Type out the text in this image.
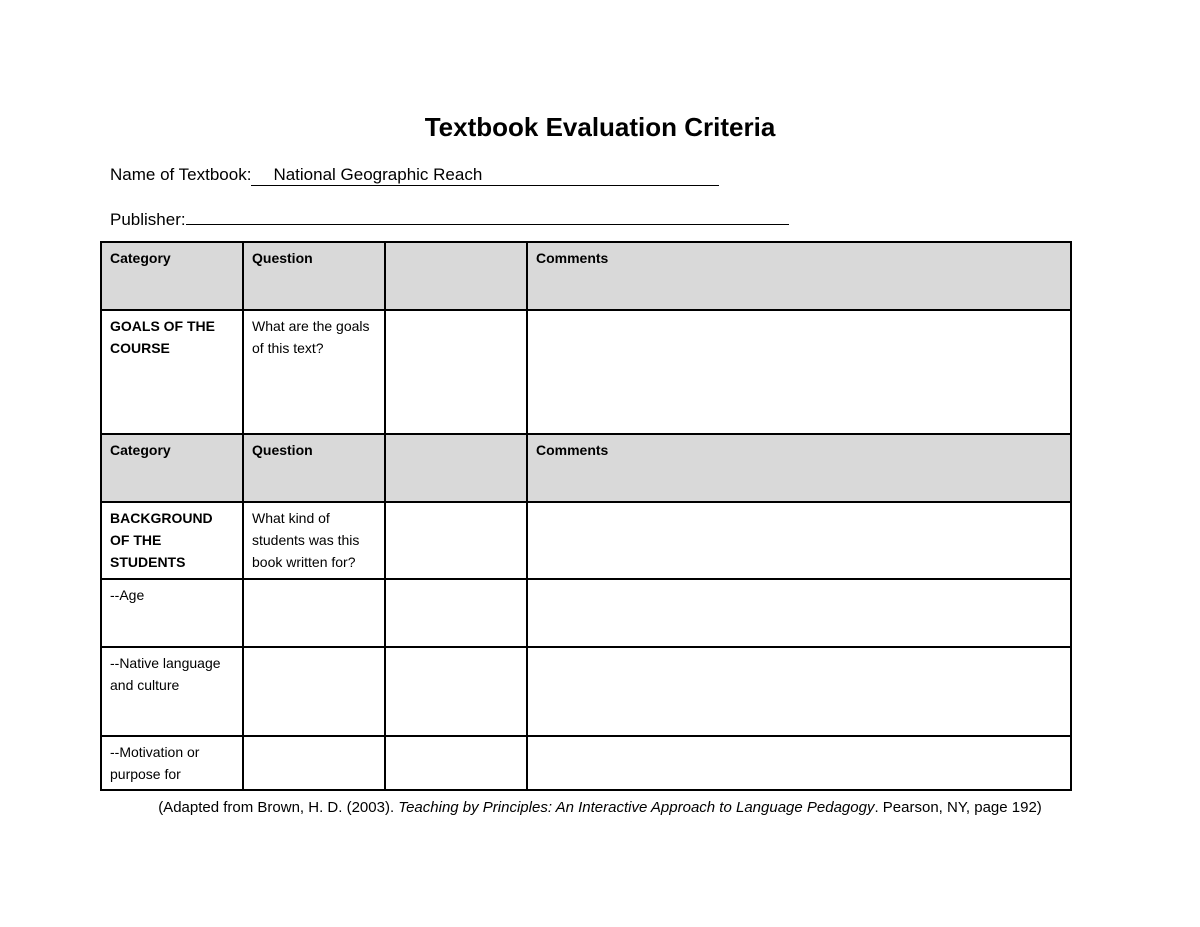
Textbook Evaluation Criteria
Name of Textbook: National Geographic Reach
Publisher:
Category	Question		Comments
GOALS OF THE COURSE	What are the goals of this text?		
Category	Question		Comments
BACKGROUND OF THE STUDENTS	What kind of students was this book written for?		
--Age			
--Native language and culture			
--Motivation or purpose for			
(Adapted from Brown, H. D. (2003). Teaching by Principles: An Interactive Approach to Language Pedagogy. Pearson, NY, page 192)
